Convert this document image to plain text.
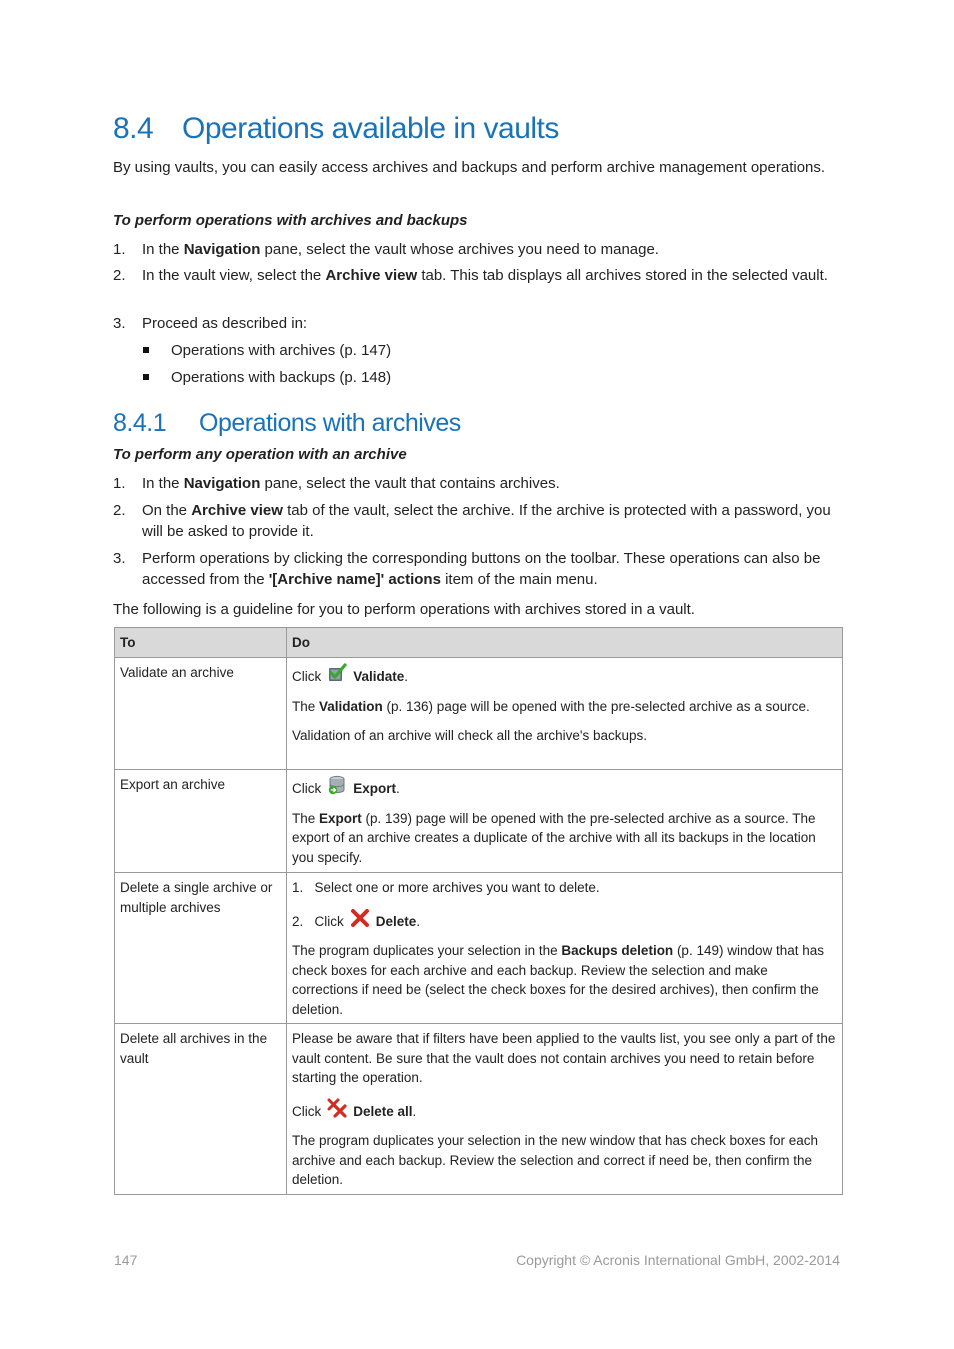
8.4 Operations available in vaults
By using vaults, you can easily access archives and backups and perform archive management operations.
To perform operations with archives and backups
1. In the Navigation pane, select the vault whose archives you need to manage.
2. In the vault view, select the Archive view tab. This tab displays all archives stored in the selected vault.
3. Proceed as described in:
Operations with archives (p. 147)
Operations with backups (p. 148)
8.4.1 Operations with archives
To perform any operation with an archive
1. In the Navigation pane, select the vault that contains archives.
2. On the Archive view tab of the vault, select the archive. If the archive is protected with a password, you will be asked to provide it.
3. Perform operations by clicking the corresponding buttons on the toolbar. These operations can also be accessed from the '[Archive name]' actions item of the main menu.
The following is a guideline for you to perform operations with archives stored in a vault.
To	Do
Validate an archive	Click Validate.
The Validation (p. 136) page will be opened with the pre-selected archive as a source.
Validation of an archive will check all the archive's backups.

Export an archive	Click Export.
The Export (p. 139) page will be opened with the pre-selected archive as a source. The export of an archive creates a duplicate of the archive with all its backups in the location you specify.

Delete a single archive or multiple archives	1. Select one or more archives you want to delete.
2. Click Delete.
The program duplicates your selection in the Backups deletion (p. 149) window that has check boxes for each archive and each backup. Review the selection and make corrections if need be (select the check boxes for the desired archives), then confirm the deletion.

Delete all archives in the vault	Please be aware that if filters have been applied to the vaults list, you see only a part of the vault content. Be sure that the vault does not contain archives you need to retain before starting the operation.
Click Delete all.
The program duplicates your selection in the new window that has check boxes for each archive and each backup. Review the selection and correct if need be, then confirm the deletion.
147	Copyright © Acronis International GmbH, 2002-2014
